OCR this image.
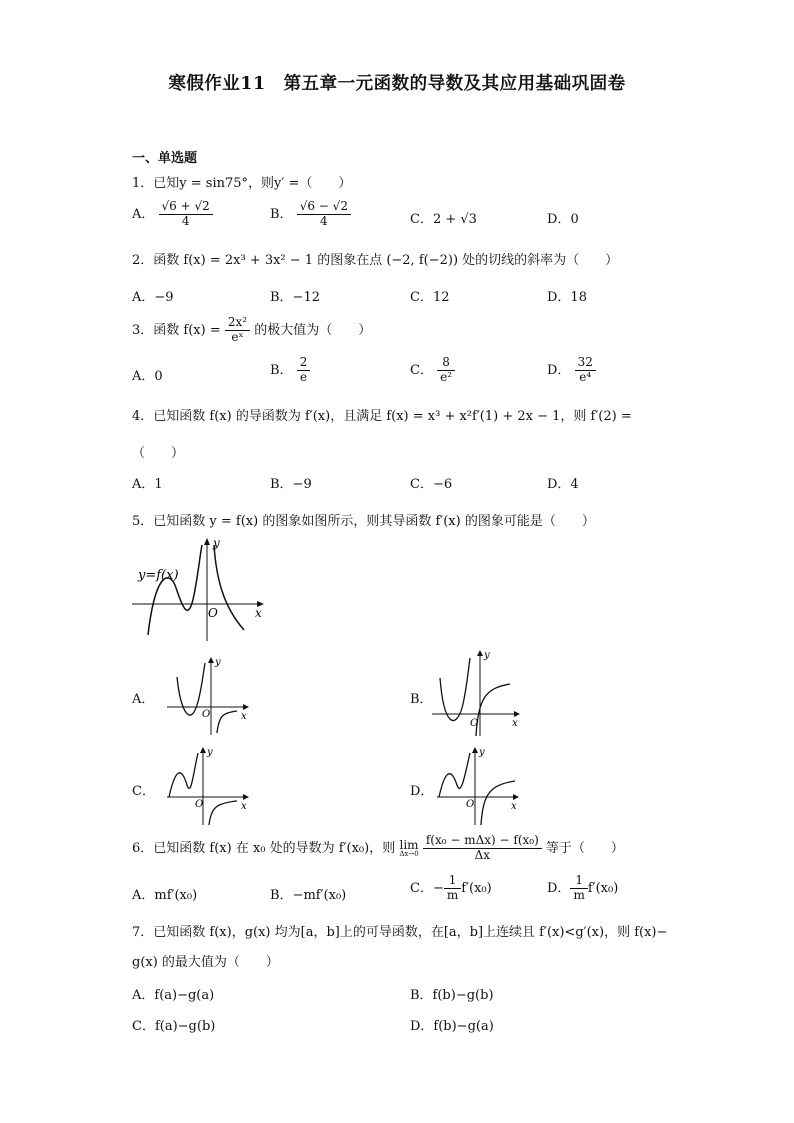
寒假作业11　第五章一元函数的导数及其应用基础巩固卷
一、单选题
1．已知y = sin75°，则y′ =（　　）
A． $\frac{√6 + √2}{4}$	B． $\frac{√6 - √2}{4}$	C．2 + √3	D．0
2．函数 f(x) = 2x³ + 3x² − 1 的图象在点 (−2, f(−2)) 处的切线的斜率为（　　）
A．−9	B．−12	C．12	D．18
3．函数 $f(x) = \frac{\text{2x²}}{\text{eˣ}}$ 的极大值为（　　）
A．0	B． $\frac{2}{e}$	C． $\frac{8}{\text{e²}}$	D． $\frac{32}{\text{e⁴}}$
4．已知函数 f(x) 的导函数为 f′(x)，且满足 f(x) = x³ + x²f′(1) + 2x − 1，则 f′(2) =
（　　）
A．1	B．−9	C．−6	D．4
5．已知函数 y = f(x) 的图象如图所示，则其导函数 f′(x) 的图象可能是（　　）
y=f(x)
O	x
y
A．
O	x
y
B．
O	x
y
C．
O	x
y
D．
O	x
y
6．已知函数 f(x) 在 x₀ 处的导数为 f′(x₀)，则 lim
Δx→0
$\frac{\text{f(x₀ − mΔx) − f(x₀)}}{\Delta x}$ 等于（　　）
A．mf′(x₀)	B．−mf′(x₀)	C．− $\frac{1}{m} f'(x_0)$	D． $\frac{1}{m} f'(x_0)$
7．已知函数 f(x)，g(x) 均为[a，b]上的可导函数，在[a，b]上连续且 f′(x)<g′(x)，则 f(x)−
g(x) 的最大值为（　　）
A．f(a)−g(a)	B．f(b)−g(b)
C．f(a)−g(b)	D．f(b)−g(a)
